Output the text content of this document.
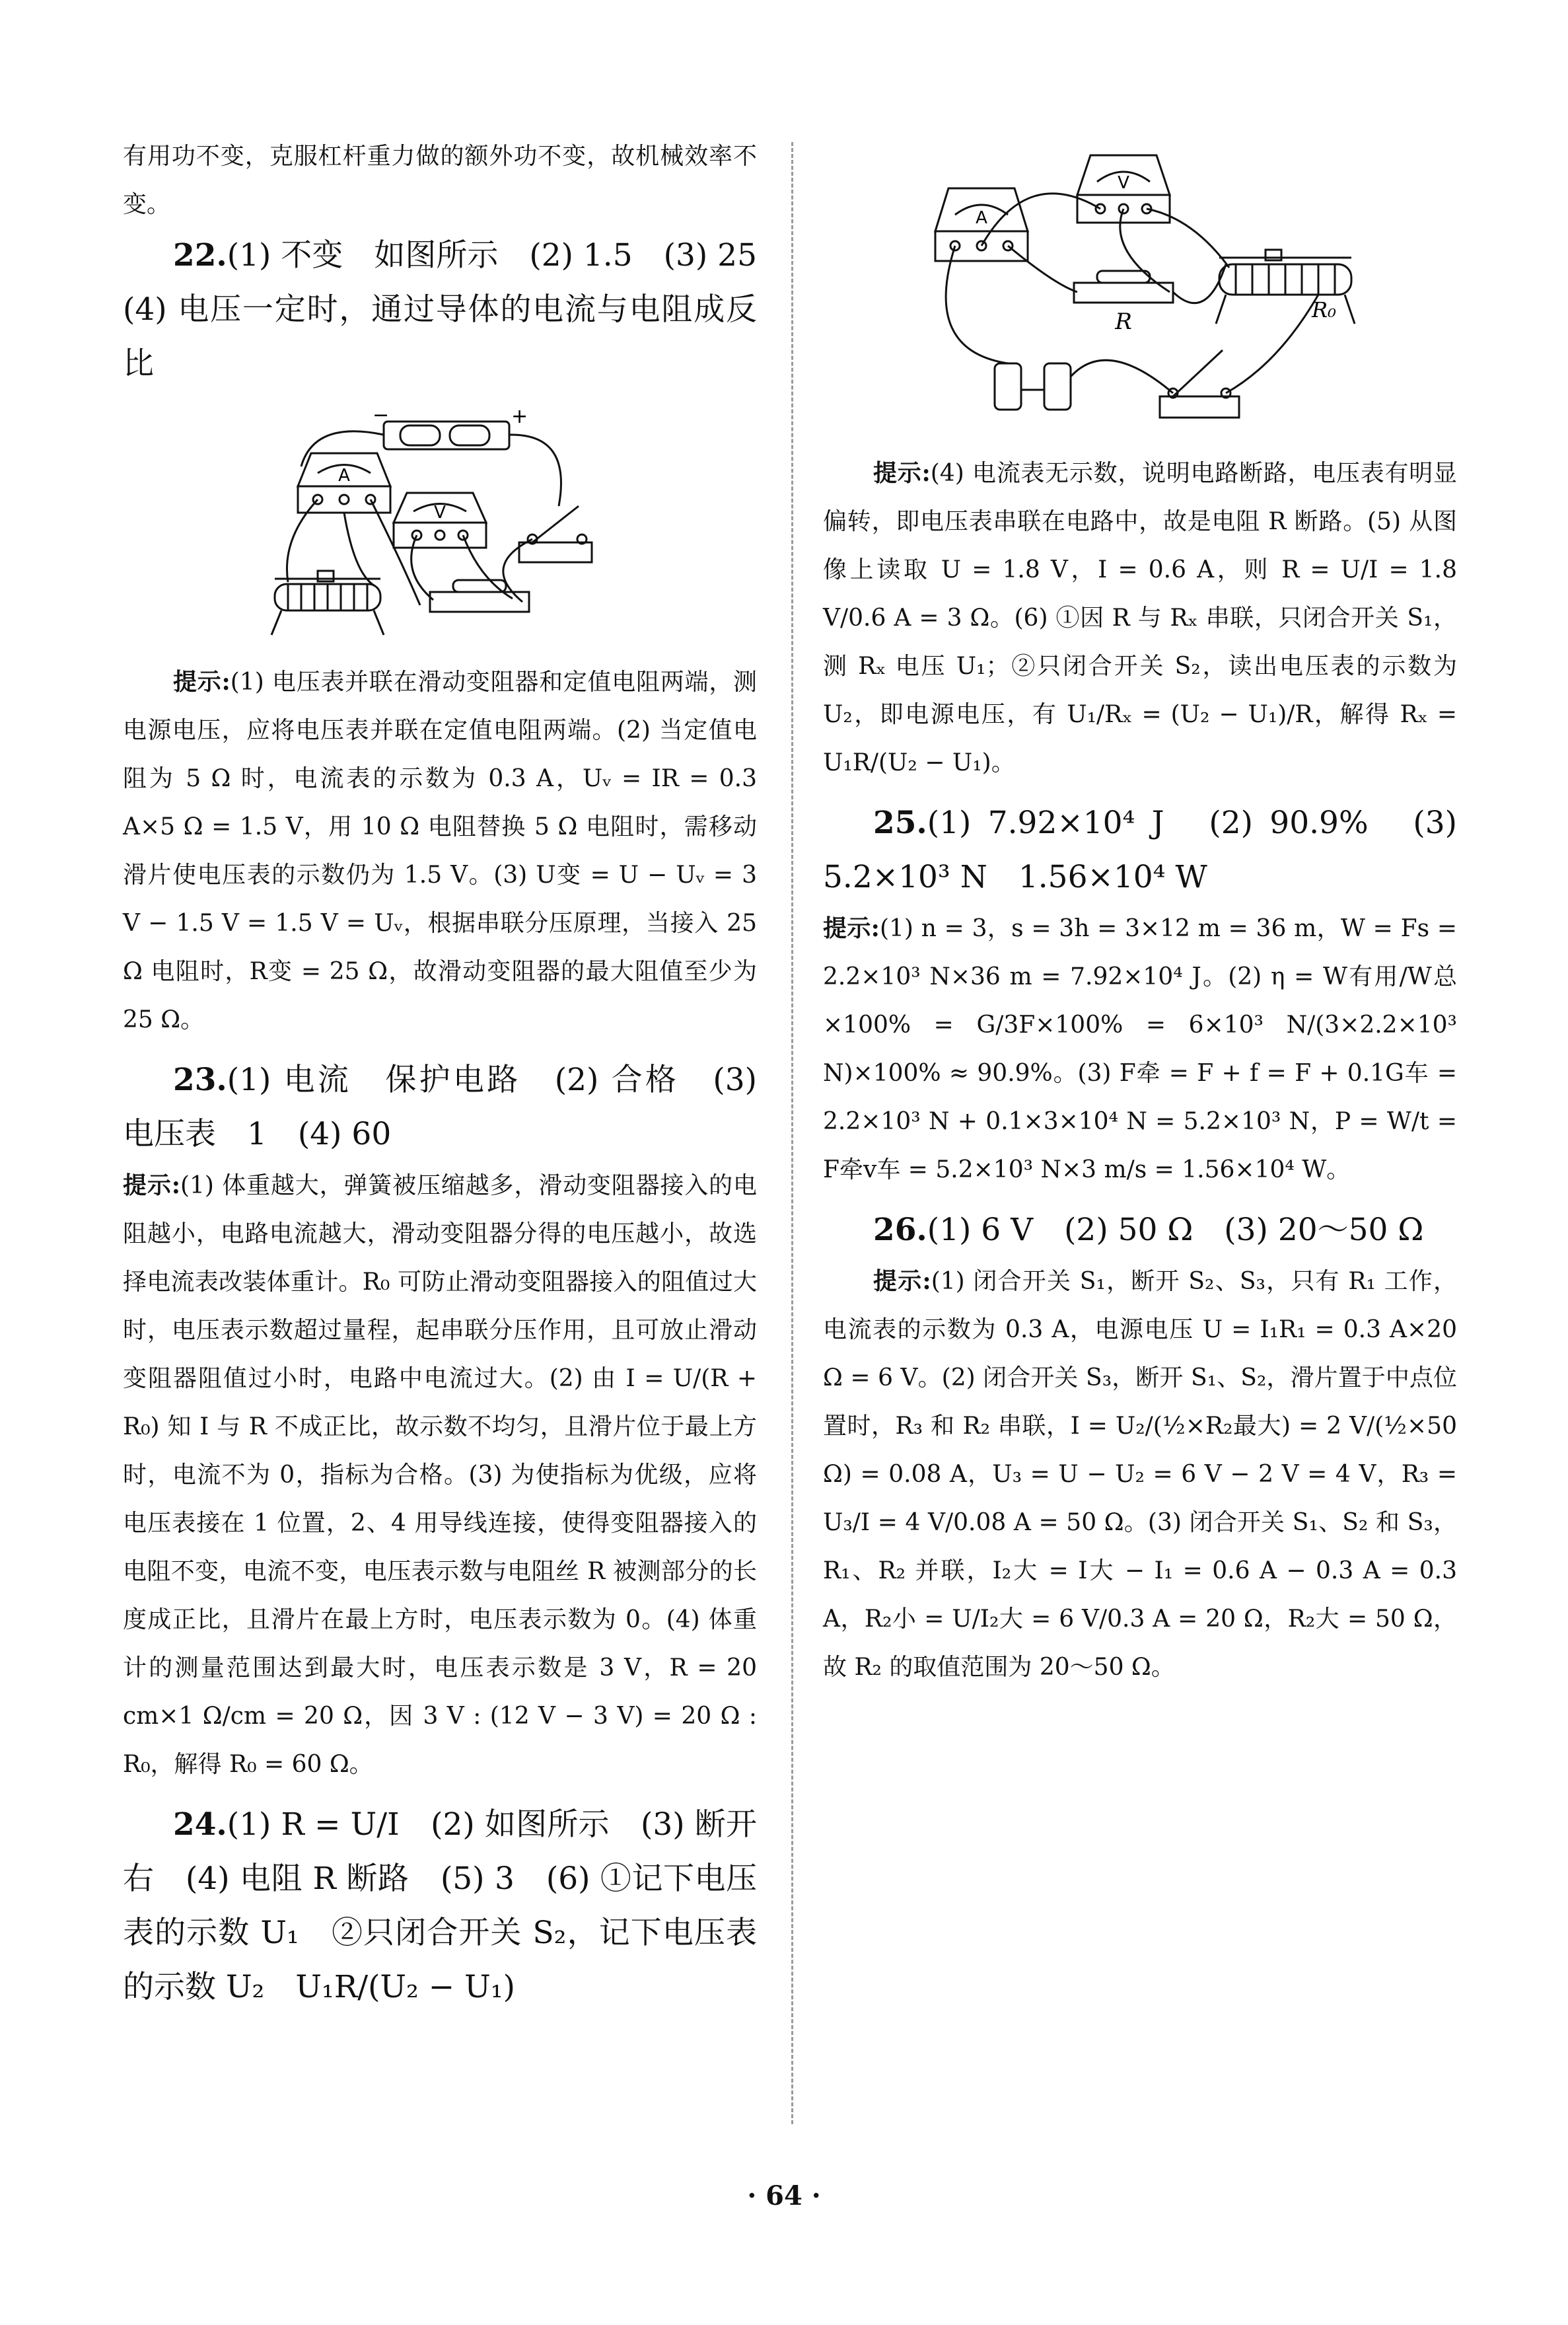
有用功不变，克服杠杆重力做的额外功不变，故机械效率不变。

22.(1) 不变　如图所示　(2) 1.5　(3) 25　(4) 电压一定时，通过导体的电流与电阻成反比

A
V
−	+

提示:(1) 电压表并联在滑动变阻器和定值电阻两端，测电源电压，应将电压表并联在定值电阻两端。(2) 当定值电阻为 5 Ω 时，电流表的示数为 0.3 A，Uᵥ = IR = 0.3 A×5 Ω = 1.5 V，用 10 Ω 电阻替换 5 Ω 电阻时，需移动滑片使电压表的示数仍为 1.5 V。(3) U变 = U − Uᵥ = 3 V − 1.5 V = 1.5 V = Uᵥ，根据串联分压原理，当接入 25 Ω 电阻时，R变 = 25 Ω，故滑动变阻器的最大阻值至少为 25 Ω。

23.(1) 电流　保护电路　(2) 合格　(3) 电压表　1　(4) 60

提示:(1) 体重越大，弹簧被压缩越多，滑动变阻器接入的电阻越小，电路电流越大，滑动变阻器分得的电压越小，故选择电流表改装体重计。R₀ 可防止滑动变阻器接入的阻值过大时，电压表示数超过量程，起串联分压作用，且可放止滑动变阻器阻值过小时，电路中电流过大。(2) 由 I = U/(R + R₀) 知 I 与 R 不成正比，故示数不均匀，且滑片位于最上方时，电流不为 0，指标为合格。(3) 为使指标为优级，应将电压表接在 1 位置，2、4 用导线连接，使得变阻器接入的电阻不变，电流不变，电压表示数与电阻丝 R 被测部分的长度成正比，且滑片在最上方时，电压表示数为 0。(4) 体重计的测量范围达到最大时，电压表示数是 3 V，R = 20 cm×1 Ω/cm = 20 Ω，因 3 V : (12 V − 3 V) = 20 Ω : R₀，解得 R₀ = 60 Ω。

24.(1) R = U/I　(2) 如图所示　(3) 断开　右　(4) 电阻 R 断路　(5) 3　(6) ①记下电压表的示数 U₁　②只闭合开关 S₂，记下电压表的示数 U₂　U₁R/(U₂ − U₁)

A
V
R	R₀

提示:(4) 电流表无示数，说明电路断路，电压表有明显偏转，即电压表串联在电路中，故是电阻 R 断路。(5) 从图像上读取 U = 1.8 V，I = 0.6 A，则 R = U/I = 1.8 V/0.6 A = 3 Ω。(6) ①因 R 与 Rₓ 串联，只闭合开关 S₁，测 Rₓ 电压 U₁；②只闭合开关 S₂，读出电压表的示数为 U₂，即电源电压，有 U₁/Rₓ = (U₂ − U₁)/R，解得 Rₓ = U₁R/(U₂ − U₁)。

25.(1) 7.92×10⁴ J　(2) 90.9%　(3) 5.2×10³ N　1.56×10⁴ W

提示:(1) n = 3，s = 3h = 3×12 m = 36 m，W = Fs = 2.2×10³ N×36 m = 7.92×10⁴ J。(2) η = W有用/W总×100% = G/3F×100% = 6×10³ N/(3×2.2×10³ N)×100% ≈ 90.9%。(3) F牵 = F + f = F + 0.1G车 = 2.2×10³ N + 0.1×3×10⁴ N = 5.2×10³ N，P = W/t = F牵v车 = 5.2×10³ N×3 m/s = 1.56×10⁴ W。

26.(1) 6 V　(2) 50 Ω　(3) 20～50 Ω

提示:(1) 闭合开关 S₁，断开 S₂、S₃，只有 R₁ 工作，电流表的示数为 0.3 A，电源电压 U = I₁R₁ = 0.3 A×20 Ω = 6 V。(2) 闭合开关 S₃，断开 S₁、S₂，滑片置于中点位置时，R₃ 和 R₂ 串联，I = U₂/(½×R₂最大) = 2 V/(½×50 Ω) = 0.08 A，U₃ = U − U₂ = 6 V − 2 V = 4 V，R₃ = U₃/I = 4 V/0.08 A = 50 Ω。(3) 闭合开关 S₁、S₂ 和 S₃，R₁、R₂ 并联，I₂大 = I大 − I₁ = 0.6 A − 0.3 A = 0.3 A，R₂小 = U/I₂大 = 6 V/0.3 A = 20 Ω，R₂大 = 50 Ω，故 R₂ 的取值范围为 20～50 Ω。

· 64 ·
